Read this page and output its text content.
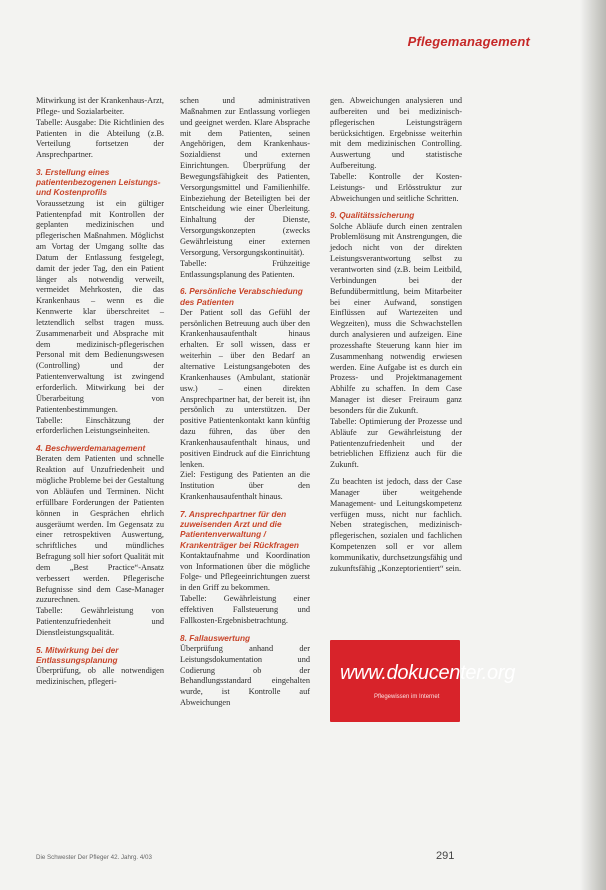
Pflegemanagement

Mitwirkung ist der Krankenhaus-Arzt, Pflege- und Sozialarbeiter.

Tabelle: Ausgabe: Die Richtlinien des Patienten in die Abteilung (z.B. Verteilung fortsetzen der Ansprechpartner.

3. Erstellung eines patientenbezogenen Leistungs- und Kostenprofils

Voraussetzung ist ein gültiger Patientenpfad mit Kontrollen der geplanten medizinischen und pflegerischen Maßnahmen. Möglichst am Vortag der Umgang sollte das Datum der Entlassung festgelegt, damit der jeder Tag, den ein Patient länger als notwendig verweilt, vermeidet Mehrkosten, die das Krankenhaus – wenn es die Kennwerte klar überschreitet – letztendlich selbst tragen muss. Zusammenarbeit und Absprache mit dem medizinisch-pflegerischen Personal mit dem Bedienungswesen (Controlling) und der Patientenverwaltung ist zwingend erforderlich. Mitwirkung bei der Überarbeitung von Patientenbestimmungen.

Tabelle: Einschätzung der erforderlichen Leistungseinheiten.

4. Beschwerdemanagement

Beraten dem Patienten und schnelle Reaktion auf Unzufriedenheit und mögliche Probleme bei der Gestaltung von Abläufen und Terminen. Nicht erfüllbare Forderungen der Patienten können in Gesprächen ehrlich ausgeräumt werden. Im Gegensatz zu einer retrospektiven Auswertung, schriftliches und mündliches Befragung soll hier sofort Qualität mit dem „Best Practice“-Ansatz verbessert werden. Pflegerische Befugnisse sind dem Case-Manager zuzurechnen.

Tabelle: Gewährleistung von Patientenzufriedenheit und Dienstleistungsqualität.

5. Mitwirkung bei der Entlassungsplanung

Überprüfung, ob alle notwendigen medizinischen, pflegeri-

schen und administrativen Maßnahmen zur Entlassung vorliegen und geeignet werden. Klare Absprache mit dem Patienten, seinen Angehörigen, dem Krankenhaus-Sozialdienst und externen Einrichtungen. Überprüfung der Bewegungsfähigkeit des Patienten, Versorgungsmittel und Familienhilfe. Einbeziehung der Beteiligten bei der Entscheidung wie einer Überleitung. Einhaltung der Dienste, Versorgungskonzepten (zwecks Gewährleistung einer externen Versorgung, Versorgungskontinuität).

Tabelle: Frühzeitige Entlassungsplanung des Patienten.

6. Persönliche Verabschiedung des Patienten

Der Patient soll das Gefühl der persönlichen Betreuung auch über den Krankenhausaufenthalt hinaus erhalten. Er soll wissen, dass er weiterhin – über den Bedarf an alternative Leistungsangeboten des Krankenhauses (Ambulant, stationär usw.) – einen direkten Ansprechpartner hat, der bereit ist, ihn persönlich zu unterstützen. Der positive Patientenkontakt kann künftig dazu führen, das über den Krankenhausaufenthalt hinaus, und positiven Eindruck auf die Einrichtung lenken.

Ziel: Festigung des Patienten an die Institution über den Krankenhausaufenthalt hinaus.

7. Ansprechpartner für den zuweisenden Arzt und die Patientenverwaltung / Krankenträger bei Rückfragen

Kontaktaufnahme und Koordination von Informationen über die mögliche Folge- und Pflegeeinrichtungen zuerst in den Griff zu bekommen.

Tabelle: Gewährleistung einer effektiven Fallsteuerung und Fallkosten-Ergebnisbetrachtung.

8. Fallauswertung

Überprüfung anhand der Leistungsdokumentation und Codierung ob der Behandlungsstandard eingehalten wurde, ist Kontrolle auf Abweichungen

gen. Abweichungen analysieren und aufbereiten und bei medizinisch-pflegerischen Leistungsträgern berücksichtigen. Ergebnisse weiterhin mit dem medizinischen Controlling. Auswertung und statistische Aufbereitung.

Tabelle: Kontrolle der Kosten-Leistungs- und Erlösstruktur zur Abweichungen und seitliche Schritten.

9. Qualitätssicherung

Solche Abläufe durch einen zentralen Problemlösung mit Anstrengungen, die jedoch nicht von der direkten Leistungsverantwortung selbst zu verantworten sind (z.B. beim Leitbild, Verbindungen bei der Befundübermittlung, beim Mitarbeiter bei einer Aufwand, sonstigen Einflüssen auf Wartezeiten und Wegzeiten), muss die Schwachstellen durch analysieren und aufzeigen. Eine prozesshafte Steuerung kann hier im Zusammenhang notwendig erwiesen werden. Eine Aufgabe ist es durch ein Prozess- und Projektmanagement Abhilfe zu schaffen. In dem Case Manager ist dieser Freiraum ganz besonders für die Zukunft.

Tabelle: Optimierung der Prozesse und Abläufe zur Gewährleistung der Patientenzufriedenheit und der betrieblichen Effizienz auch für die Zukunft.

Zu beachten ist jedoch, dass der Case Manager über weitgehende Management- und Leitungskompetenz verfügen muss, nicht nur fachlich. Neben strategischen, medizinisch-pflegerischen, sozialen und fachlichen Kompetenzen soll er vor allem kommunikativ, durchsetzungsfähig und zukunftsfähig „Konzeptorientiert“ sein.

www.dokucenter.org
Pflegewissen im Internet
Die Schwester Der Pfleger 42. Jahrg. 4/03	291
